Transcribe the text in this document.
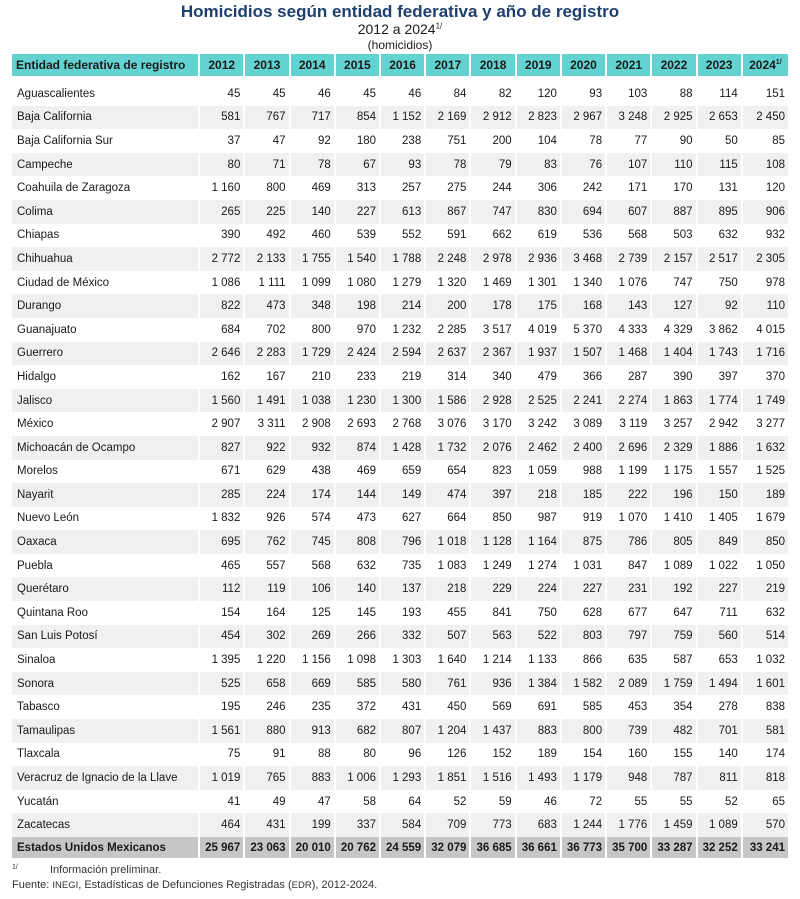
Homicidios según entidad federativa y año de registro
2012 a $2024^{1/}$
(homicidios)
Entidad federativa de registro	2012	2013	2014	2015	2016	2017	2018	2019	2020	2021	2022	2023	$2024^{1/}$

Aguascalientes	45	45	46	45	46	84	82	120	93	103	88	114	151
Baja California	581	767	717	854	1 152	2 169	2 912	2 823	2 967	3 248	2 925	2 653	2 450
Baja California Sur	37	47	92	180	238	751	200	104	78	77	90	50	85
Campeche	80	71	78	67	93	78	79	83	76	107	110	115	108
Coahuila de Zaragoza	1 160	800	469	313	257	275	244	306	242	171	170	131	120
Colima	265	225	140	227	613	867	747	830	694	607	887	895	906
Chiapas	390	492	460	539	552	591	662	619	536	568	503	632	932
Chihuahua	2 772	2 133	1 755	1 540	1 788	2 248	2 978	2 936	3 468	2 739	2 157	2 517	2 305
Ciudad de México	1 086	1 111	1 099	1 080	1 279	1 320	1 469	1 301	1 340	1 076	747	750	978
Durango	822	473	348	198	214	200	178	175	168	143	127	92	110
Guanajuato	684	702	800	970	1 232	2 285	3 517	4 019	5 370	4 333	4 329	3 862	4 015
Guerrero	2 646	2 283	1 729	2 424	2 594	2 637	2 367	1 937	1 507	1 468	1 404	1 743	1 716
Hidalgo	162	167	210	233	219	314	340	479	366	287	390	397	370
Jalisco	1 560	1 491	1 038	1 230	1 300	1 586	2 928	2 525	2 241	2 274	1 863	1 774	1 749
México	2 907	3 311	2 908	2 693	2 768	3 076	3 170	3 242	3 089	3 119	3 257	2 942	3 277
Michoacán de Ocampo	827	922	932	874	1 428	1 732	2 076	2 462	2 400	2 696	2 329	1 886	1 632
Morelos	671	629	438	469	659	654	823	1 059	988	1 199	1 175	1 557	1 525
Nayarit	285	224	174	144	149	474	397	218	185	222	196	150	189
Nuevo León	1 832	926	574	473	627	664	850	987	919	1 070	1 410	1 405	1 679
Oaxaca	695	762	745	808	796	1 018	1 128	1 164	875	786	805	849	850
Puebla	465	557	568	632	735	1 083	1 249	1 274	1 031	847	1 089	1 022	1 050
Querétaro	112	119	106	140	137	218	229	224	227	231	192	227	219
Quintana Roo	154	164	125	145	193	455	841	750	628	677	647	711	632
San Luis Potosí	454	302	269	266	332	507	563	522	803	797	759	560	514
Sinaloa	1 395	1 220	1 156	1 098	1 303	1 640	1 214	1 133	866	635	587	653	1 032
Sonora	525	658	669	585	580	761	936	1 384	1 582	2 089	1 759	1 494	1 601
Tabasco	195	246	235	372	431	450	569	691	585	453	354	278	838
Tamaulipas	1 561	880	913	682	807	1 204	1 437	883	800	739	482	701	581
Tlaxcala	75	91	88	80	96	126	152	189	154	160	155	140	174
Veracruz de Ignacio de la Llave	1 019	765	883	1 006	1 293	1 851	1 516	1 493	1 179	948	787	811	818
Yucatán	41	49	47	58	64	52	59	46	72	55	55	52	65
Zacatecas	464	431	199	337	584	709	773	683	1 244	1 776	1 459	1 089	570
Estados Unidos Mexicanos	25 967	23 063	20 010	20 762	24 559	32 079	36 685	36 661	36 773	35 700	33 287	32 252	33 241
1/	Información preliminar.
Fuente: INEGI, Estadísticas de Defunciones Registradas (EDR), 2012-2024.
